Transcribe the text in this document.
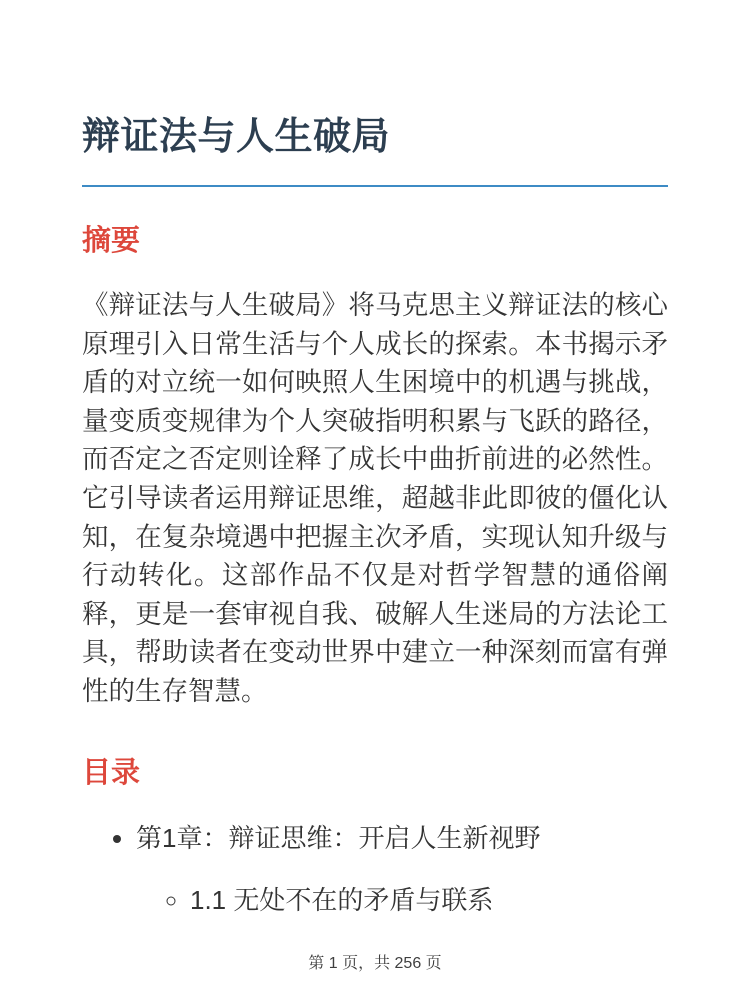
辩证法与人生破局
摘要

《辩证法与人生破局》将马克思主义辩证法的核心原理引入日常生活与个人成长的探索。本书揭示矛盾的对立统一如何映照人生困境中的机遇与挑战，量变质变规律为个人突破指明积累与飞跃的路径，而否定之否定则诠释了成长中曲折前进的必然性。它引导读者运用辩证思维，超越非此即彼的僵化认知，在复杂境遇中把握主次矛盾，实现认知升级与行动转化。这部作品不仅是对哲学智慧的通俗阐释，更是一套审视自我、破解人生迷局的方法论工具，帮助读者在变动世界中建立一种深刻而富有弹性的生存智慧。

目录
• 第1章：辩证思维：开启人生新视野
◦ 1.1 无处不在的矛盾与联系
第 1 页，共 256 页
